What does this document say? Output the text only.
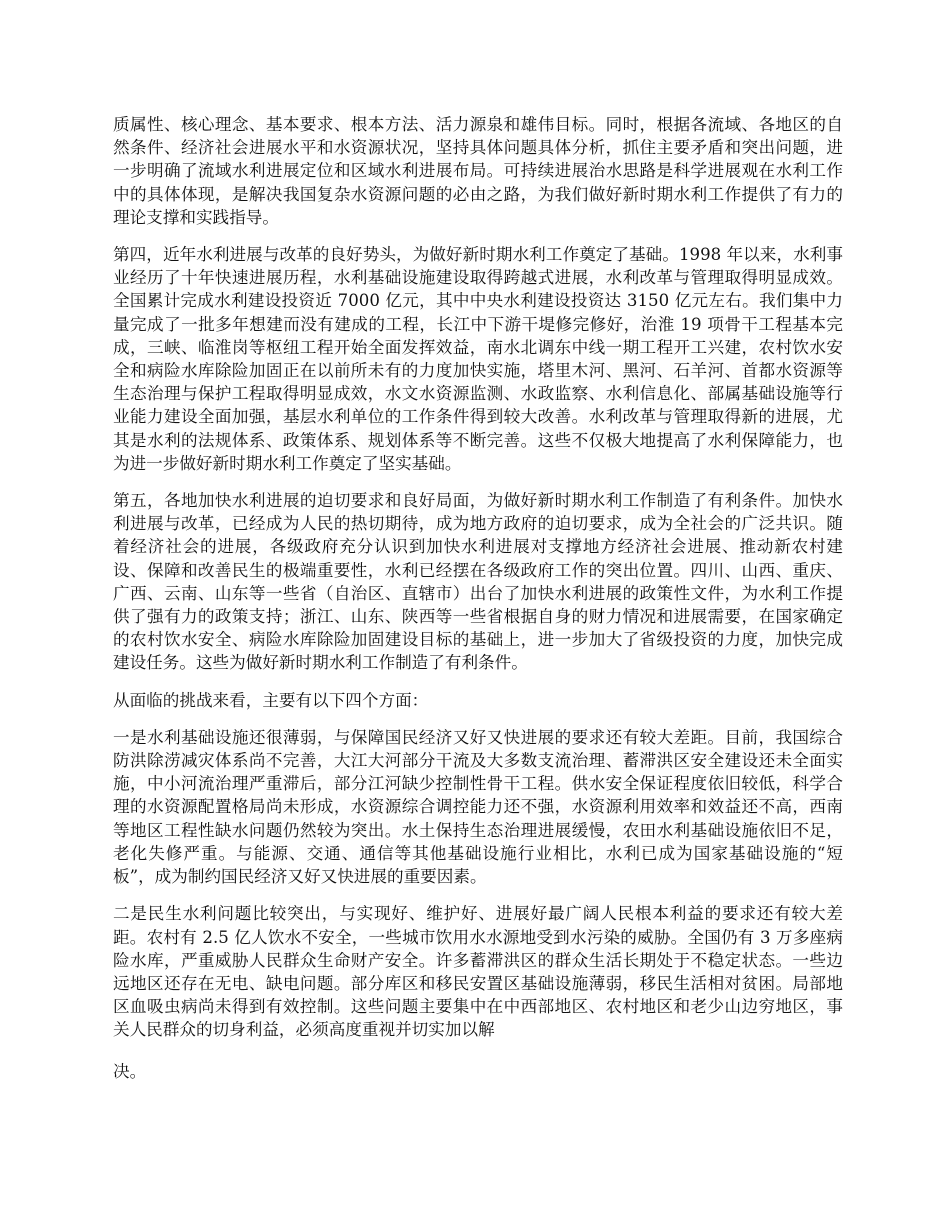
质属性、核心理念、基本要求、根本方法、活力源泉和雄伟目标。同时，根据各流域、各地区的自然条件、经济社会进展水平和水资源状况，坚持具体问题具体分析，抓住主要矛盾和突出问题，进一步明确了流域水利进展定位和区域水利进展布局。可持续进展治水思路是科学进展观在水利工作中的具体体现，是解决我国复杂水资源问题的必由之路，为我们做好新时期水利工作提供了有力的理论支撑和实践指导。

第四，近年水利进展与改革的良好势头，为做好新时期水利工作奠定了基础。1998 年以来，水利事业经历了十年快速进展历程，水利基础设施建设取得跨越式进展，水利改革与管理取得明显成效。全国累计完成水利建设投资近 7000 亿元，其中中央水利建设投资达 3150 亿元左右。我们集中力量完成了一批多年想建而没有建成的工程，长江中下游干堤修完修好，治淮 19 项骨干工程基本完成，三峡、临淮岗等枢纽工程开始全面发挥效益，南水北调东中线一期工程开工兴建，农村饮水安全和病险水库除险加固正在以前所未有的力度加快实施，塔里木河、黑河、石羊河、首都水资源等生态治理与保护工程取得明显成效，水文水资源监测、水政监察、水利信息化、部属基础设施等行业能力建设全面加强，基层水利单位的工作条件得到较大改善。水利改革与管理取得新的进展，尤其是水利的法规体系、政策体系、规划体系等不断完善。这些不仅极大地提高了水利保障能力，也为进一步做好新时期水利工作奠定了坚实基础。

第五，各地加快水利进展的迫切要求和良好局面，为做好新时期水利工作制造了有利条件。加快水利进展与改革，已经成为人民的热切期待，成为地方政府的迫切要求，成为全社会的广泛共识。随着经济社会的进展，各级政府充分认识到加快水利进展对支撑地方经济社会进展、推动新农村建设、保障和改善民生的极端重要性，水利已经摆在各级政府工作的突出位置。四川、山西、重庆、广西、云南、山东等一些省（自治区、直辖市）出台了加快水利进展的政策性文件，为水利工作提供了强有力的政策支持；浙江、山东、陕西等一些省根据自身的财力情况和进展需要，在国家确定的农村饮水安全、病险水库除险加固建设目标的基础上，进一步加大了省级投资的力度，加快完成建设任务。这些为做好新时期水利工作制造了有利条件。

从面临的挑战来看，主要有以下四个方面：

一是水利基础设施还很薄弱，与保障国民经济又好又快进展的要求还有较大差距。目前，我国综合防洪除涝减灾体系尚不完善，大江大河部分干流及大多数支流治理、蓄滞洪区安全建设还未全面实施，中小河流治理严重滞后，部分江河缺少控制性骨干工程。供水安全保证程度依旧较低，科学合理的水资源配置格局尚未形成，水资源综合调控能力还不强，水资源利用效率和效益还不高，西南等地区工程性缺水问题仍然较为突出。水土保持生态治理进展缓慢，农田水利基础设施依旧不足，老化失修严重。与能源、交通、通信等其他基础设施行业相比，水利已成为国家基础设施的“短板”，成为制约国民经济又好又快进展的重要因素。

二是民生水利问题比较突出，与实现好、维护好、进展好最广阔人民根本利益的要求还有较大差距。农村有 2.5 亿人饮水不安全，一些城市饮用水水源地受到水污染的威胁。全国仍有 3 万多座病险水库，严重威胁人民群众生命财产安全。许多蓄滞洪区的群众生活长期处于不稳定状态。一些边远地区还存在无电、缺电问题。部分库区和移民安置区基础设施薄弱，移民生活相对贫困。局部地区血吸虫病尚未得到有效控制。这些问题主要集中在中西部地区、农村地区和老少山边穷地区，事关人民群众的切身利益，必须高度重视并切实加以解

决。
